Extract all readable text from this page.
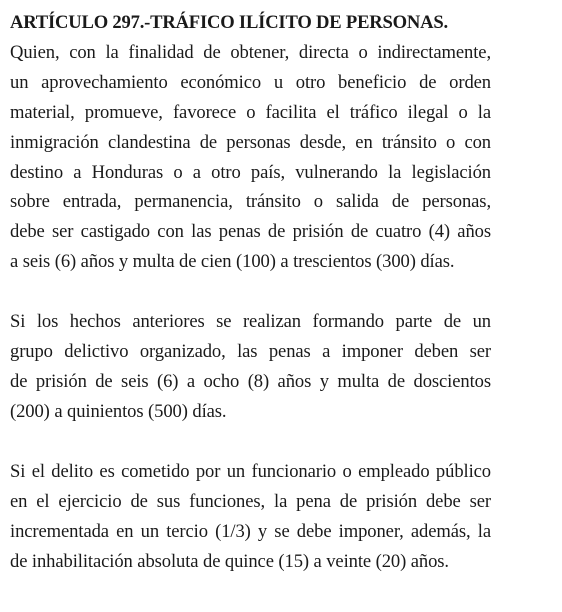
ARTÍCULO 297.-TRÁFICO ILÍCITO DE PERSONAS.

Quien, con la finalidad de obtener, directa o indirectamente,
un aprovechamiento económico u otro beneficio de orden
material, promueve, favorece o facilita el tráfico ilegal o la
inmigración clandestina de personas desde, en tránsito o con
destino a Honduras o a otro país, vulnerando la legislación
sobre entrada, permanencia, tránsito o salida de personas,
debe ser castigado con las penas de prisión de cuatro (4) años
a seis (6) años y multa de cien (100) a trescientos (300) días.

Si los hechos anteriores se realizan formando parte de un
grupo delictivo organizado, las penas a imponer deben ser
de prisión de seis (6) a ocho (8) años y multa de doscientos
(200) a quinientos (500) días.

Si el delito es cometido por un funcionario o empleado público
en el ejercicio de sus funciones, la pena de prisión debe ser
incrementada en un tercio (1/3) y se debe imponer, además, la
de inhabilitación absoluta de quince (15) a veinte (20) años.
